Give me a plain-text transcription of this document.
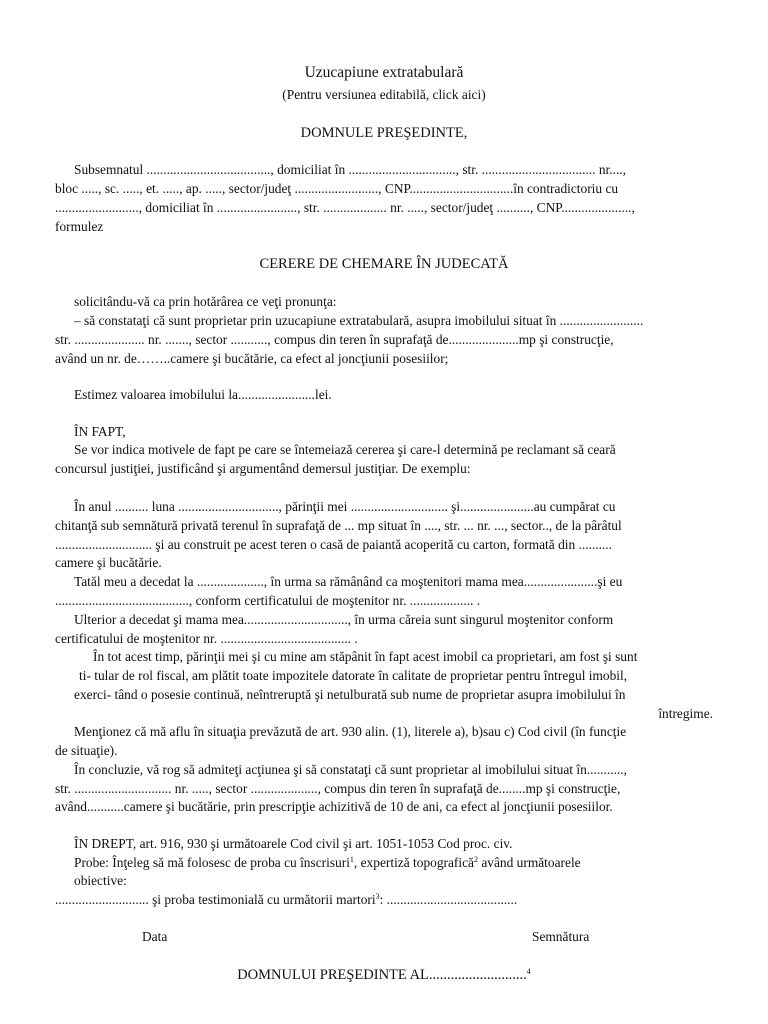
Uzucapiune extratabulară
(Pentru versiunea editabilă, click aici)
DOMNULE PREŞEDINTE,
Subsemnatul ....................................., domiciliat în ................................, str. .................................. nr....,
bloc ....., sc. ....., et. ....., ap. ....., sector/judeţ ........................., CNP...............................în contradictoriu cu
........................., domiciliat în ........................, str. ................... nr. ....., sector/judeţ .........., CNP.....................,
formulez
CERERE DE CHEMARE ÎN JUDECATĂ
solicitându-vă ca prin hotărârea ce veţi pronunţa:
– să constataţi că sunt proprietar prin uzucapiune extratabulară, asupra imobilului situat în .........................
str. ..................... nr. ......., sector ..........., compus din teren în suprafaţă de.....................mp şi construcţie,
având un nr. de……..camere şi bucătărie, ca efect al joncţiunii posesiilor;
Estimez valoarea imobilului la.......................lei.
ÎN FAPT,
Se vor indica motivele de fapt pe care se întemeiază cererea şi care-l determină pe reclamant să ceară
concursul justiţiei, justificând şi argumentând demersul justiţiar. De exemplu:
În anul .......... luna .............................., părinţii mei ............................. şi......................au cumpărat cu
chitanţă sub semnătură privată terenul în suprafaţă de ... mp situat în ...., str. ... nr. ..., sector.., de la pârâtul
............................. şi au construit pe acest teren o casă de paiantă acoperită cu carton, formată din ..........
camere şi bucătărie.
Tatăl meu a decedat la ...................., în urma sa rămânând ca moştenitori mama mea......................şi eu
........................................, conform certificatului de moştenitor nr. ................... .
Ulterior a decedat şi mama mea..............................., în urma căreia sunt singurul moştenitor conform
certificatului de moştenitor nr. ....................................... .
În tot acest timp, părinţii mei şi cu mine am stăpânit în fapt acest imobil ca proprietari, am fost şi sunt
ti- tular de rol fiscal, am plătit toate impozitele datorate în calitate de proprietar pentru întregul imobil,
exerci- tând o posesie continuă, neîntreruptă şi netulburată sub nume de proprietar asupra imobilului în
întregime.
Menţionez că mă aflu în situaţia prevăzută de art. 930 alin. (1), literele a), b)sau c) Cod civil (în funcţie
de situaţie).
În concluzie, vă rog să admiteţi acţiunea şi să constataţi că sunt proprietar al imobilului situat în...........,
str. ............................. nr. ....., sector ...................., compus din teren în suprafaţă de........mp şi construcţie,
având...........camere şi bucătărie, prin prescripţie achizitivă de 10 de ani, ca efect al joncţiunii posesiilor.
ÎN DREPT, art. 916, 930 şi următoarele Cod civil şi art. 1051-1053 Cod proc. civ.
Probe: Înţeleg să mă folosesc de proba cu înscrisuri$^1$, expertiză topografică$^2$ având următoarele
obiective:
............................ şi proba testimonială cu următorii martori$^3$: .......................................
Data	Semnătura
DOMNULUI PREŞEDINTE AL...........................$^4$
